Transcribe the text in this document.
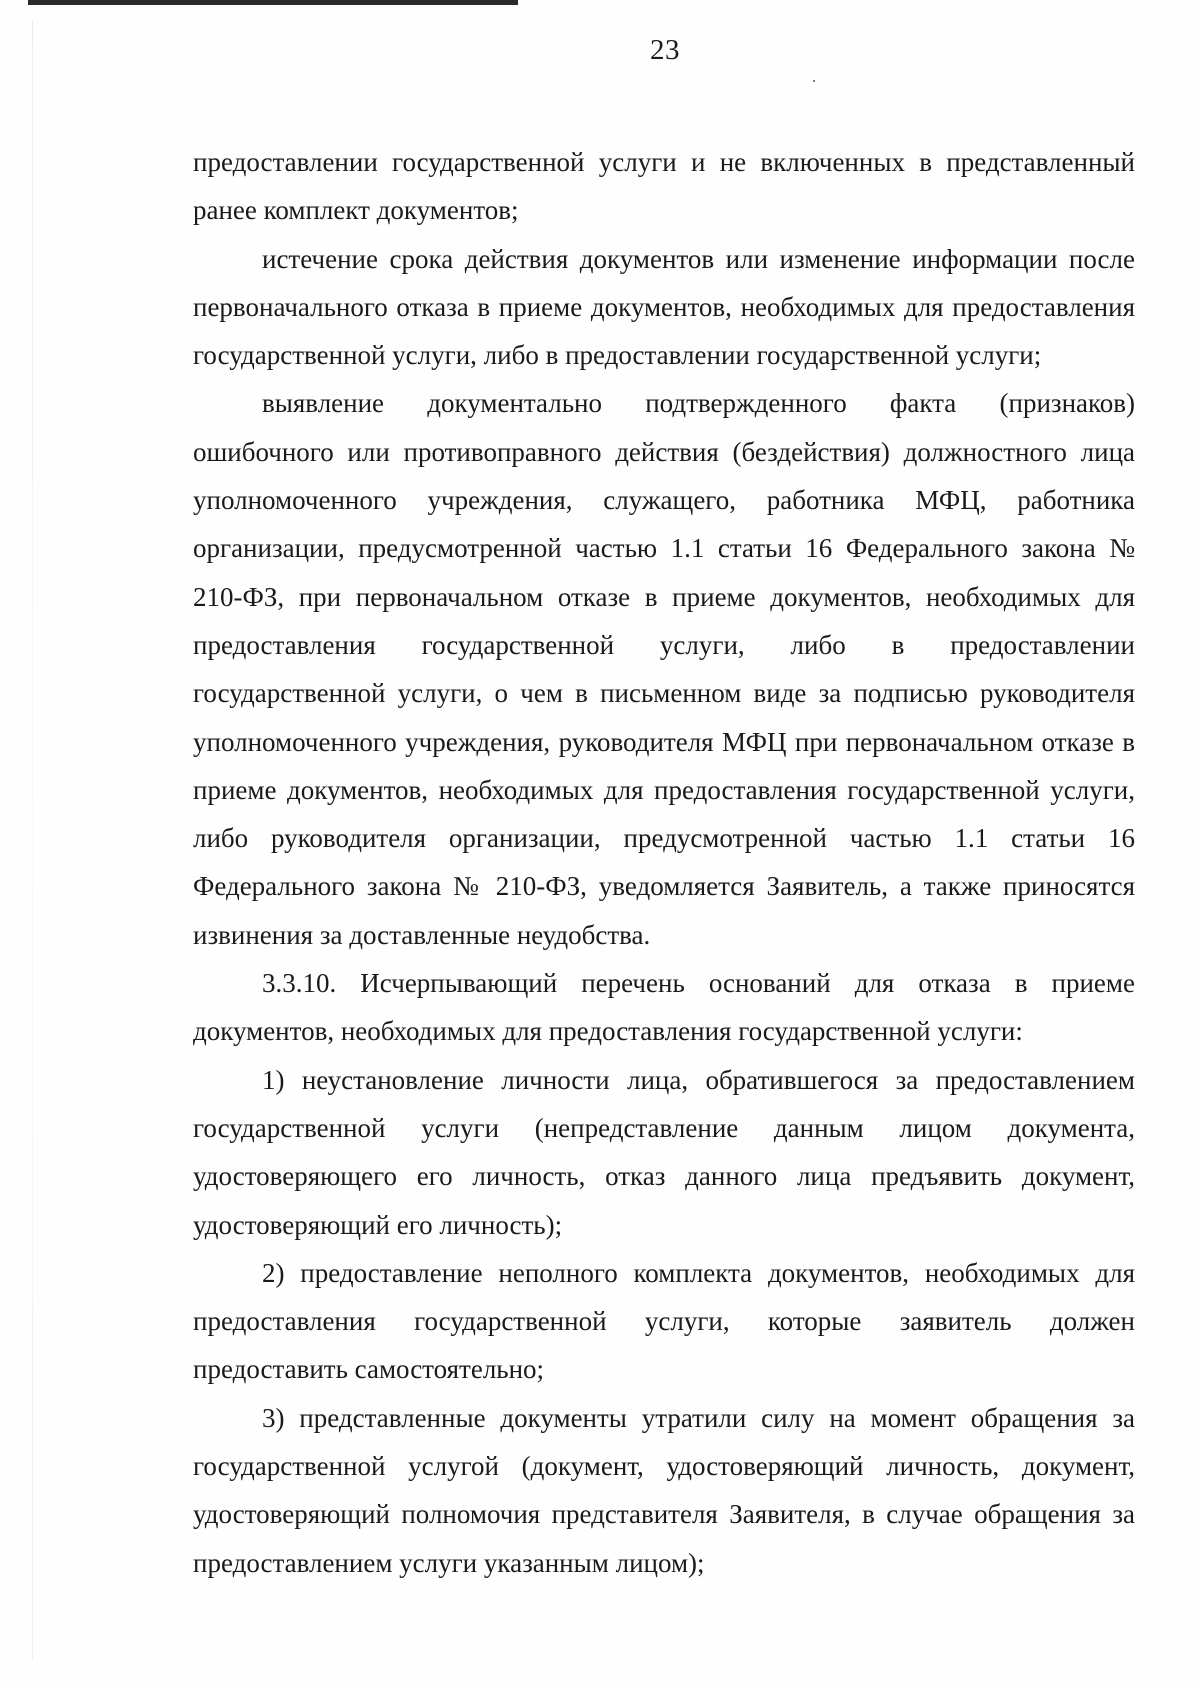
23

предоставлении государственной услуги и не включенных в представленный ранее комплект документов;

истечение срока действия документов или изменение информации после первоначального отказа в приеме документов, необходимых для предоставления государственной услуги, либо в предоставлении государственной услуги;

выявление документально подтвержденного факта (признаков) ошибочного или противоправного действия (бездействия) должностного лица уполномоченного учреждения, служащего, работника МФЦ, работника организации, предусмотренной частью 1.1 статьи 16 Федерального закона № 210-ФЗ, при первоначальном отказе в приеме документов, необходимых для предоставления государственной услуги, либо в предоставлении государственной услуги, о чем в письменном виде за подписью руководителя уполномоченного учреждения, руководителя МФЦ при первоначальном отказе в приеме документов, необходимых для предоставления государственной услуги, либо руководителя организации, предусмотренной частью 1.1 статьи 16 Федерального закона № 210-ФЗ, уведомляется Заявитель, а также приносятся извинения за доставленные неудобства.

3.3.10. Исчерпывающий перечень оснований для отказа в приеме документов, необходимых для предоставления государственной услуги:

1) неустановление личности лица, обратившегося за предоставлением государственной услуги (непредставление данным лицом документа, удостоверяющего его личность, отказ данного лица предъявить документ, удостоверяющий его личность);

2) предоставление неполного комплекта документов, необходимых для предоставления государственной услуги, которые заявитель должен предоставить самостоятельно;

3) представленные документы утратили силу на момент обращения за государственной услугой (документ, удостоверяющий личность, документ, удостоверяющий полномочия представителя Заявителя, в случае обращения за предоставлением услуги указанным лицом);
